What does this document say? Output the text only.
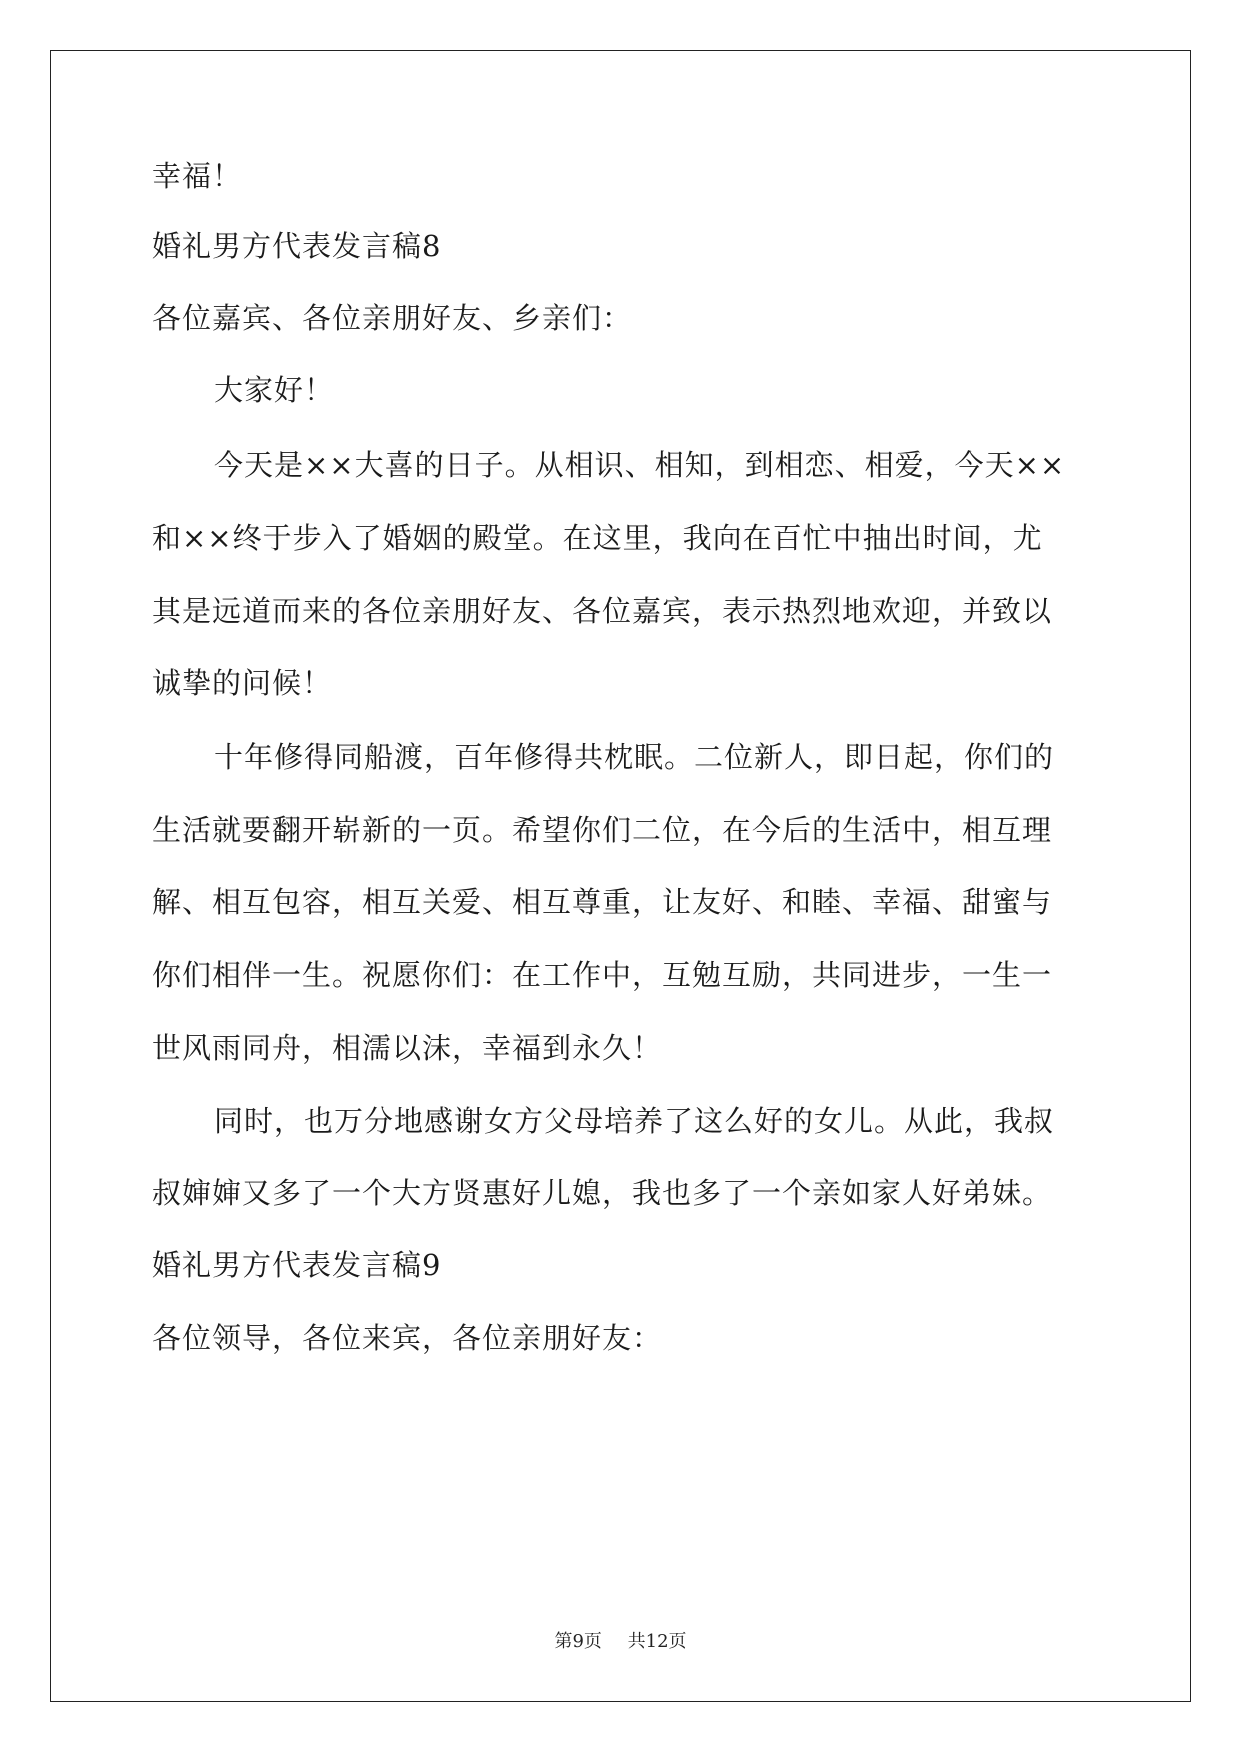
幸福！
婚礼男方代表发言稿8
各位嘉宾、各位亲朋好友、乡亲们：
大家好！
今天是××大喜的日子。从相识、相知，到相恋、相爱，今天××
和××终于步入了婚姻的殿堂。在这里，我向在百忙中抽出时间，尤
其是远道而来的各位亲朋好友、各位嘉宾，表示热烈地欢迎，并致以
诚挚的问候！
十年修得同船渡，百年修得共枕眠。二位新人，即日起，你们的
生活就要翻开崭新的一页。希望你们二位，在今后的生活中，相互理
解、相互包容，相互关爱、相互尊重，让友好、和睦、幸福、甜蜜与
你们相伴一生。祝愿你们：在工作中，互勉互励，共同进步，一生一
世风雨同舟，相濡以沫，幸福到永久！
同时，也万分地感谢女方父母培养了这么好的女儿。从此，我叔
叔婶婶又多了一个大方贤惠好儿媳，我也多了一个亲如家人好弟妹。
婚礼男方代表发言稿9
各位领导，各位来宾，各位亲朋好友：
第9页 共12页
